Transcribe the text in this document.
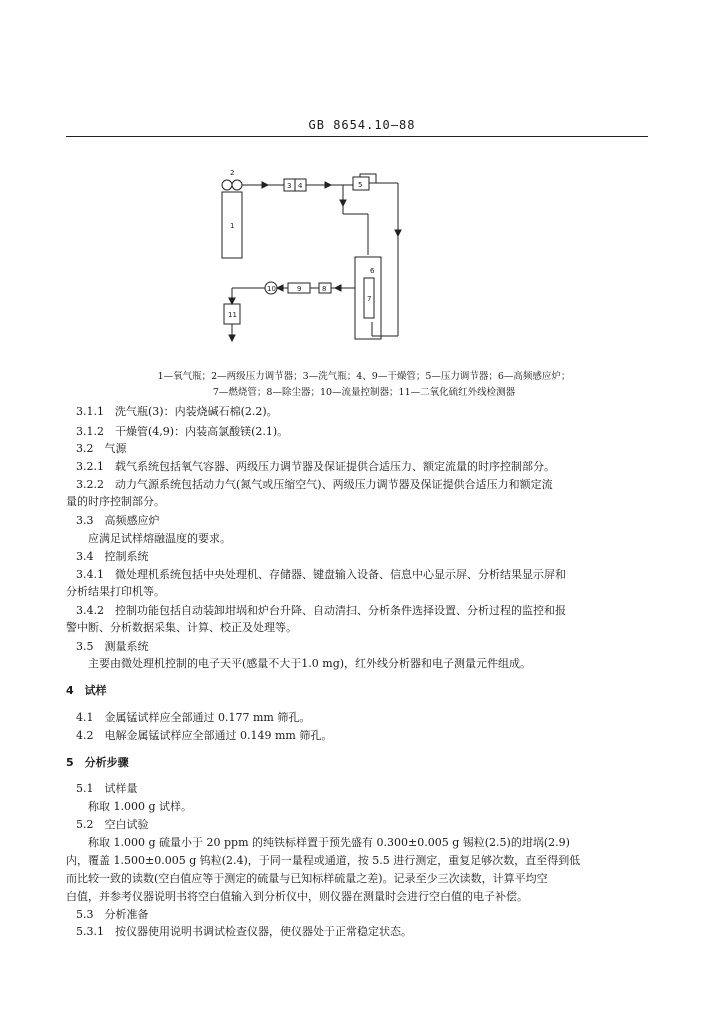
GB 8654.10—88
1
2
3 4	5
6
7
8
9
10
11
1—氧气瓶；2—两级压力调节器；3—洗气瓶；4、9—干燥管；5—压力调节器；6—高频感应炉；
7—燃烧管；8—除尘器；10—流量控制器；11—二氧化硫红外线检测器
3.1.1　洗气瓶(3)：内装烧碱石棉(2.2)。
3.1.2　干燥管(4,9)：内装高氯酸镁(2.1)。
3.2　气源
3.2.1　载气系统包括氧气容器、两级压力调节器及保证提供合适压力、额定流量的时序控制部分。
3.2.2　动力气源系统包括动力气(氮气或压缩空气)、两级压力调节器及保证提供合适压力和额定流
量的时序控制部分。
3.3　高频感应炉
应满足试样熔融温度的要求。
3.4　控制系统
3.4.1　微处理机系统包括中央处理机、存储器、键盘输入设备、信息中心显示屏、分析结果显示屏和
分析结果打印机等。
3.4.2　控制功能包括自动装卸坩埚和炉台升降、自动清扫、分析条件选择设置、分析过程的监控和报
警中断、分析数据采集、计算、校正及处理等。
3.5　测量系统
主要由微处理机控制的电子天平(感量不大于1.0 mg)，红外线分析器和电子测量元件组成。
4　试样
4.1　金属锰试样应全部通过 0.177 mm 筛孔。
4.2　电解金属锰试样应全部通过 0.149 mm 筛孔。
5　分析步骤
5.1　试样量
称取 1.000 g 试样。
5.2　空白试验
称取 1.000 g 硫量小于 20 ppm 的纯铁标样置于预先盛有 0.300±0.005 g 锡粒(2.5)的坩埚(2.9)
内，覆盖 1.500±0.005 g 钨粒(2.4)，于同一量程或通道，按 5.5 进行测定，重复足够次数，直至得到低
而比较一致的读数(空白值应等于测定的硫量与已知标样硫量之差)。记录至少三次读数，计算平均空
白值，并参考仪器说明书将空白值输入到分析仪中，则仪器在测量时会进行空白值的电子补偿。
5.3　分析准备
5.3.1　按仪器使用说明书调试检查仪器，使仪器处于正常稳定状态。
